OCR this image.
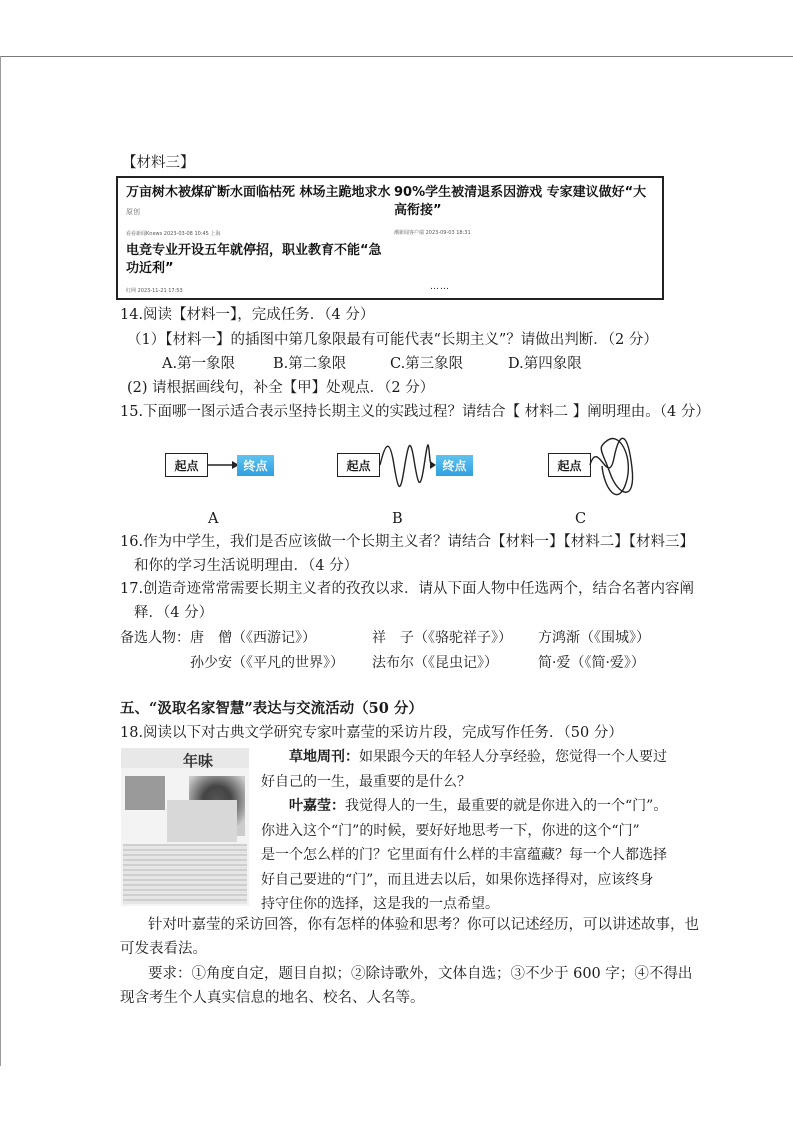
【材料三】
万亩树木被煤矿断水面临枯死 林场主跪地求水 原创
看看新闻Knews 2023-03-08 10:45 上海
90%学生被清退系因游戏 专家建议做好“大高衔接”
潮新闻客户端 2023-09-03 18:31
电竞专业开设五年就停招，职业教育不能“急功近利”
红网 2023-11-21 17:53	……
14.阅读【材料一】，完成任务．（4 分）
（1）【材料一】的插图中第几象限最有可能代表“长期主义”？请做出判断．（2 分）
A.第一象限	B.第二象限	C.第三象限	D.第四象限
(2) 请根据画线句，补全【甲】处观点．（2 分）
15.下面哪一图示适合表示坚持长期主义的实践过程？请结合【 材料二 】阐明理由。（4 分）
起点	终点	起点	终点	起点
A	B	C
16.作为中学生，我们是否应该做一个长期主义者？请结合【材料一】【材料二】【材料三】
和你的学习生活说明理由．（4 分）
17.创造奇迹常常需要长期主义者的孜孜以求．请从下面人物中任选两个，结合名著内容阐
释．（4 分）
备选人物： 唐　僧（《西游记》）	祥　子（《骆驼祥子》） 方鸿渐（《围城》）
孙少安（《平凡的世界》） 法布尔（《昆虫记》）	简·爱（《简·爱》）
五、“汲取名家智慧”表达与交流活动（50 分）
18.阅读以下对古典文学研究专家叶嘉莹的采访片段，完成写作任务．（50 分）
年味	草地周刊：如果跟今天的年轻人分享经验，您觉得一个人要过
好自己的一生，最重要的是什么？
叶嘉莹：我觉得人的一生，最重要的就是你进入的一个“门”。
你进入这个“门”的时候，要好好地思考一下，你进的这个“门”
是一个怎么样的门？它里面有什么样的丰富蕴藏？每一个人都选择
好自己要进的“门”，而且进去以后，如果你选择得对，应该终身
持守住你的选择，这是我的一点希望。
针对叶嘉莹的采访回答，你有怎样的体验和思考？你可以记述经历，可以讲述故事，也
可发表看法。
要求：①角度自定，题目自拟；②除诗歌外，文体自选；③不少于 600 字；④不得出
现含考生个人真实信息的地名、校名、人名等。
